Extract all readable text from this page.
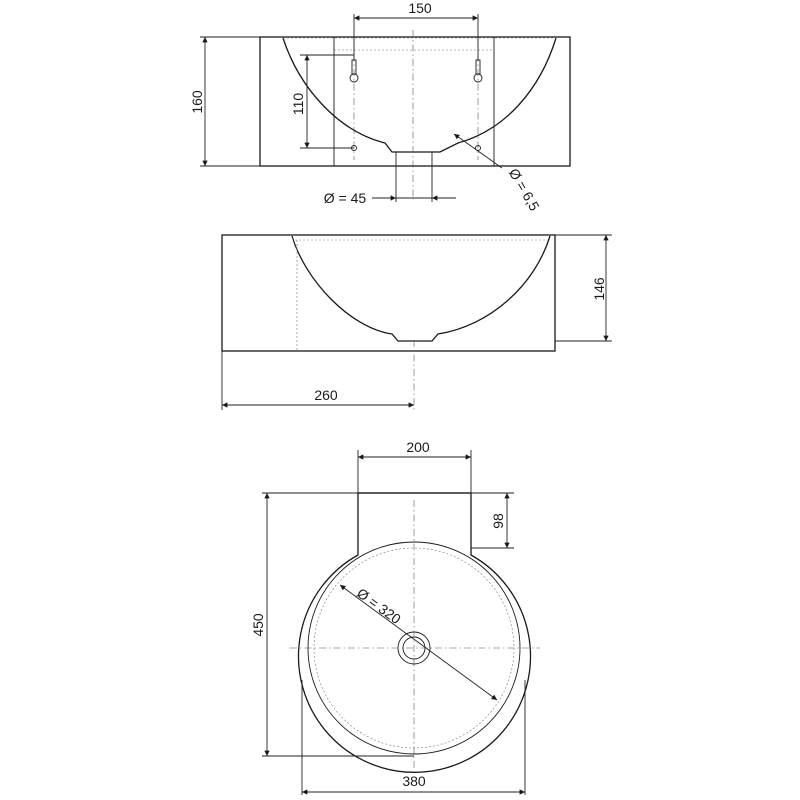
150
160	110
Ø = 45	Ø = 6,5
146
260
200
98
450	Ø = 320
380
